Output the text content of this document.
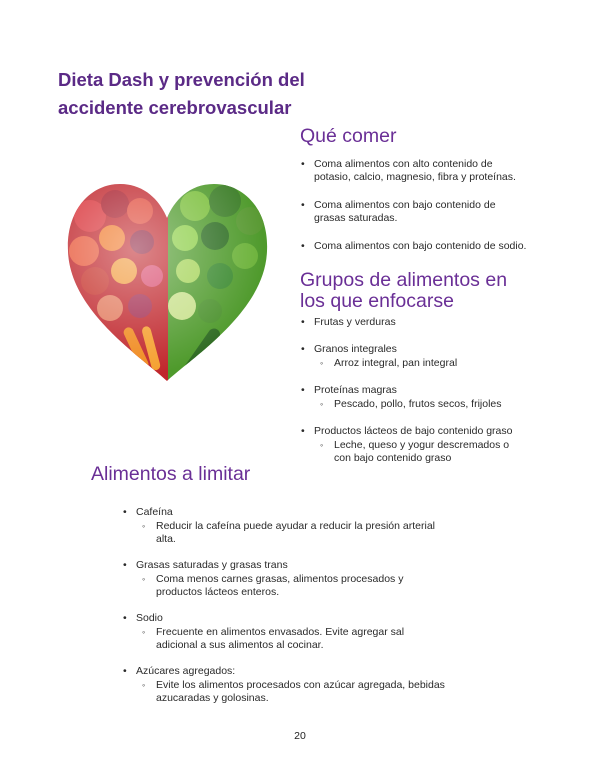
Dieta Dash y prevención del
accidente cerebrovascular
Qué comer
• Coma alimentos con alto contenido de
potasio, calcio, magnesio, fibra y proteínas.
• Coma alimentos con bajo contenido de
grasas saturadas.
• Coma alimentos con bajo contenido de sodio.
Grupos de alimentos en
los que enfocarse
• Frutas y verduras
• Granos integrales
◦ Arroz integral, pan integral
• Proteínas magras
◦ Pescado, pollo, frutos secos, frijoles
• Productos lácteos de bajo contenido graso
◦ Leche, queso y yogur descremados o
con bajo contenido graso
Alimentos a limitar
• Cafeína
◦ Reducir la cafeína puede ayudar a reducir la presión arterial
alta.
• Grasas saturadas y grasas trans
◦ Coma menos carnes grasas, alimentos procesados y
productos lácteos enteros.
• Sodio
◦ Frecuente en alimentos envasados. Evite agregar sal
adicional a sus alimentos al cocinar.
• Azúcares agregados:
◦ Evite los alimentos procesados con azúcar agregada, bebidas
azucaradas y golosinas.
20
